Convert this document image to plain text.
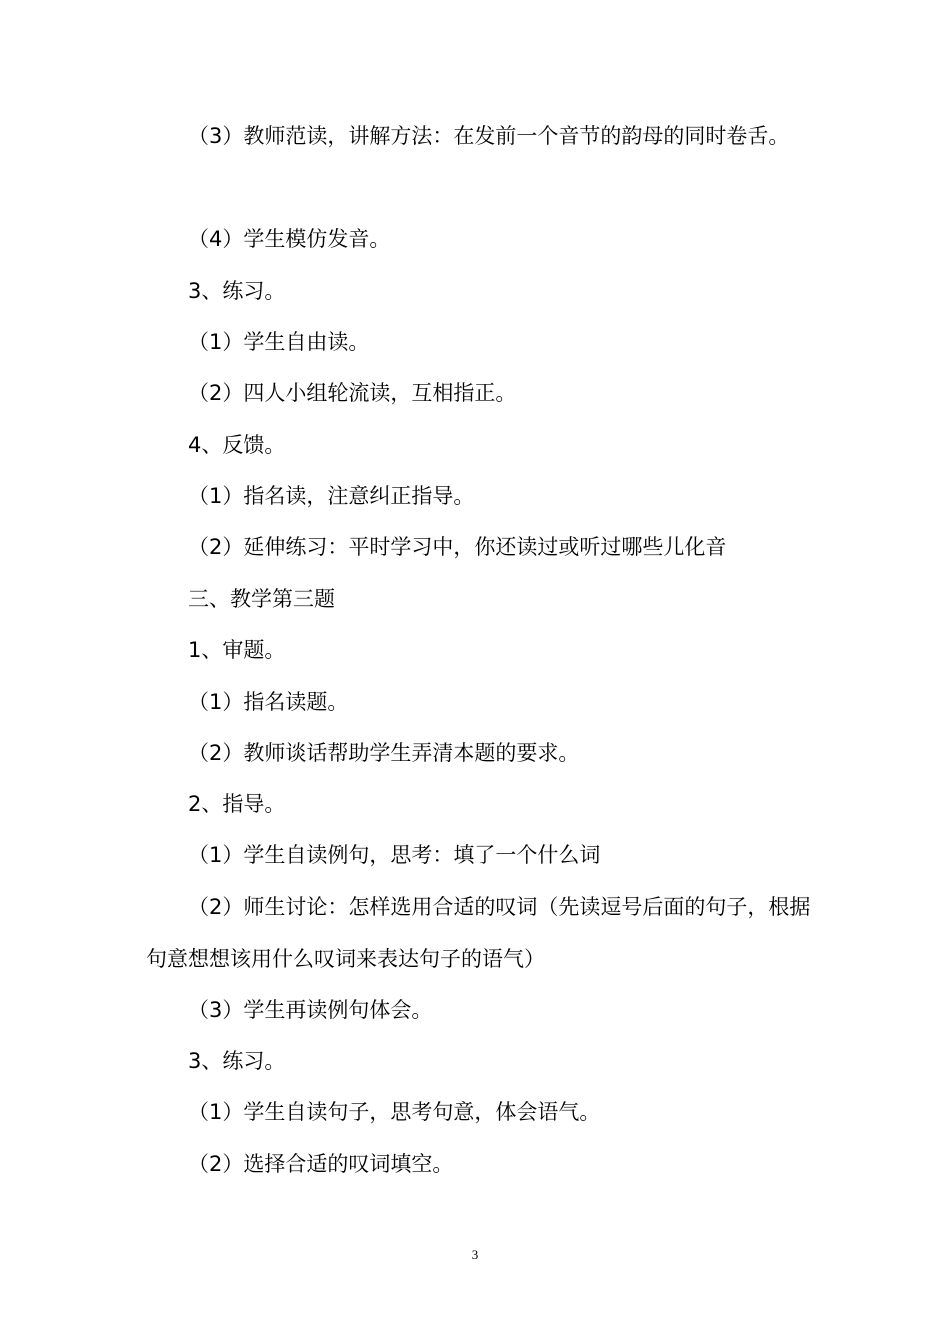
（3）教师范读，讲解方法：在发前一个音节的韵母的同时卷舌。
（4）学生模仿发音。
3、练习。
（1）学生自由读。
（2）四人小组轮流读，互相指正。
4、反馈。
（1）指名读，注意纠正指导。
（2）延伸练习：平时学习中，你还读过或听过哪些儿化音
三、教学第三题
1、审题。
（1）指名读题。
（2）教师谈话帮助学生弄清本题的要求。
2、指导。
（1）学生自读例句，思考：填了一个什么词
（2）师生讨论：怎样选用合适的叹词（先读逗号后面的句子，根据句意想想该用什么叹词来表达句子的语气）
（3）学生再读例句体会。
3、练习。
（1）学生自读句子，思考句意，体会语气。
（2）选择合适的叹词填空。
3
